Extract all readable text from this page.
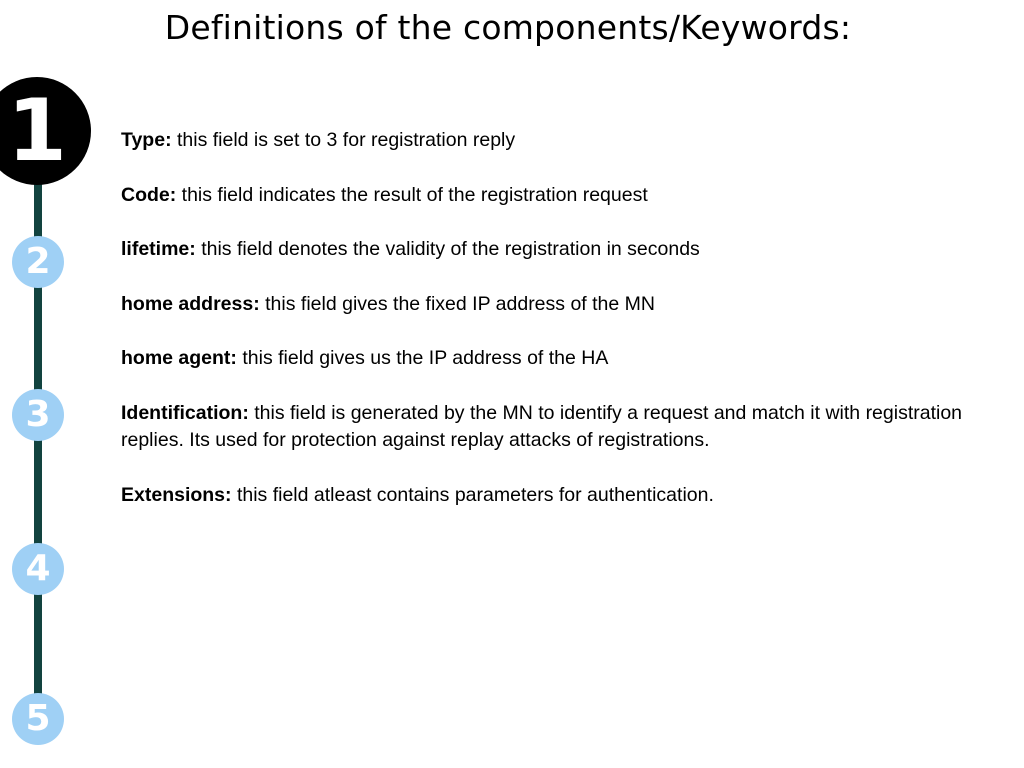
Definitions of the components/Keywords:
1
2
3
4
5

Type: this field is set to 3 for registration reply

Code: this field indicates the result of the registration request

lifetime: this field denotes the validity of the registration in seconds

home address: this field gives the fixed IP address of the MN

home agent: this field gives us the IP address of the HA

Identification: this field is generated by the MN to identify a request and match it with registration replies. Its used for protection against replay attacks of registrations.

Extensions: this field atleast contains parameters for authentication.
